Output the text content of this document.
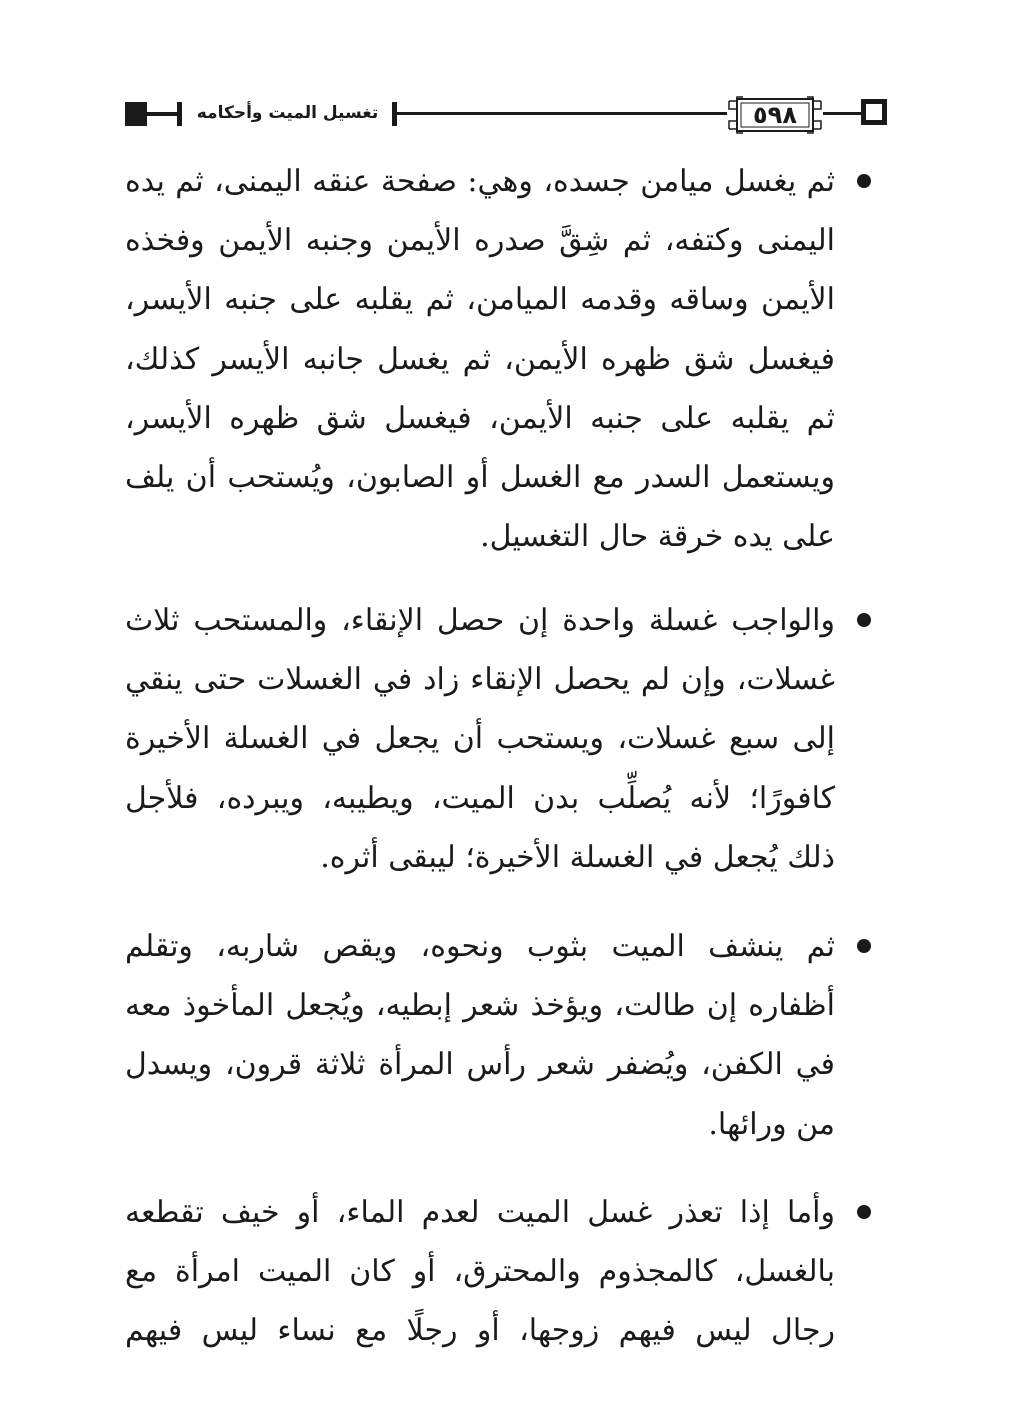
تغسيل الميت وأحكامه	٥٩٨
ثم يغسل ميامن جسده، وهي: صفحة عنقه اليمنى، ثم يده
اليمنى وكتفه، ثم شِقَّ صدره الأيمن وجنبه الأيمن وفخذه
الأيمن وساقه وقدمه الميامن، ثم يقلبه على جنبه الأيسر،
فيغسل شق ظهره الأيمن، ثم يغسل جانبه الأيسر كذلك،
ثم يقلبه على جنبه الأيمن، فيغسل شق ظهره الأيسر،
ويستعمل السدر مع الغسل أو الصابون، ويُستحب أن يلف
على يده خرقة حال التغسيل.
والواجب غسلة واحدة إن حصل الإنقاء، والمستحب ثلاث
غسلات، وإن لم يحصل الإنقاء زاد في الغسلات حتى ينقي
إلى سبع غسلات، ويستحب أن يجعل في الغسلة الأخيرة
كافورًا؛ لأنه يُصلِّب بدن الميت، ويطيبه، ويبرده، فلأجل
ذلك يُجعل في الغسلة الأخيرة؛ ليبقى أثره.
ثم ينشف الميت بثوب ونحوه، ويقص شاربه، وتقلم
أظفاره إن طالت، ويؤخذ شعر إبطيه، ويُجعل المأخوذ معه
في الكفن، ويُضفر شعر رأس المرأة ثلاثة قرون، ويسدل
من ورائها.
وأما إذا تعذر غسل الميت لعدم الماء، أو خيف تقطعه
بالغسل، كالمجذوم والمحترق، أو كان الميت امرأة مع
رجال ليس فيهم زوجها، أو رجلًا مع نساء ليس فيهم
